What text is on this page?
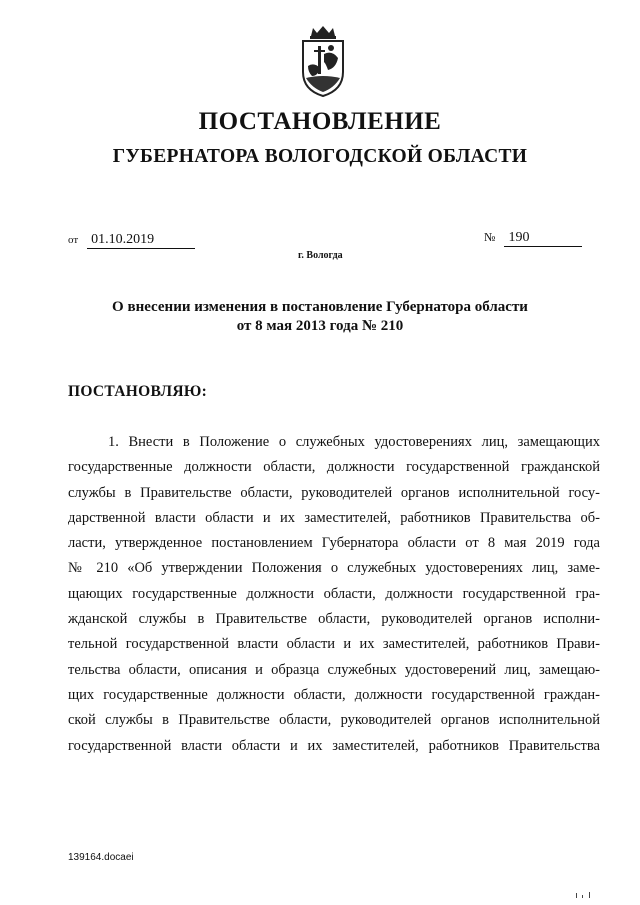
ПОСТАНОВЛЕНИЕ
ГУБЕРНАТОРА ВОЛОГОДСКОЙ ОБЛАСТИ
от 01.10.2019	№ 190
г. Вологда
О внесении изменения в постановление Губернатора области
от 8 мая 2013 года № 210
ПОСТАНОВЛЯЮ:
1. Внести в Положение о служебных удостоверениях лиц, замещающих
государственные должности области, должности государственной гражданской
службы в Правительстве области, руководителей органов исполнительной госу-
дарственной власти области и их заместителей, работников Правительства об-
ласти, утвержденное постановлением Губернатора области от 8 мая 2019 года
№ 210 «Об утверждении Положения о служебных удостоверениях лиц, заме-
щающих государственные должности области, должности государственной гра-
жданской службы в Правительстве области, руководителей органов исполни-
тельной государственной власти области и их заместителей, работников Прави-
тельства области, описания и образца служебных удостоверений лиц, замещаю-
щих государственные должности области, должности государственной граждан-
ской службы в Правительстве области, руководителей органов исполнительной
государственной власти области и их заместителей, работников Правительства
139164.docaei
